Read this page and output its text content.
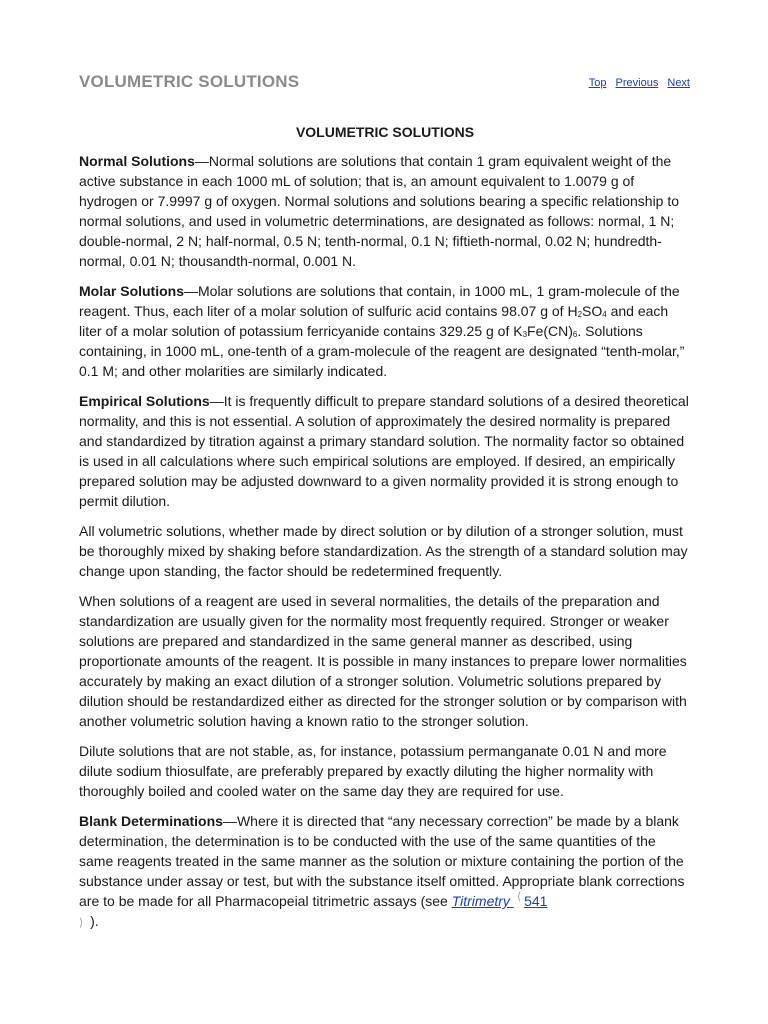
VOLUMETRIC SOLUTIONS	Top Previous Next
VOLUMETRIC SOLUTIONS

Normal Solutions—Normal solutions are solutions that contain 1 gram equivalent weight of the active substance in each 1000 mL of solution; that is, an amount equivalent to 1.0079 g of hydrogen or 7.9997 g of oxygen. Normal solutions and solutions bearing a specific relationship to normal solutions, and used in volumetric determinations, are designated as follows: normal, 1 N; double-normal, 2 N; half-normal, 0.5 N; tenth-normal, 0.1 N; fiftieth-normal, 0.02 N; hundredth-normal, 0.01 N; thousandth-normal, 0.001 N.

Molar Solutions—Molar solutions are solutions that contain, in 1000 mL, 1 gram-molecule of the reagent. Thus, each liter of a molar solution of sulfuric acid contains 98.07 g of $H_2SO_4$ and each liter of a molar solution of potassium ferricyanide contains 329.25 g of $K_3Fe(CN)_6$. Solutions containing, in 1000 mL, one-tenth of a gram-molecule of the reagent are designated “tenth-molar,” 0.1 M; and other molarities are similarly indicated.

Empirical Solutions—It is frequently difficult to prepare standard solutions of a desired theoretical normality, and this is not essential. A solution of approximately the desired normality is prepared and standardized by titration against a primary standard solution. The normality factor so obtained is used in all calculations where such empirical solutions are employed. If desired, an empirically prepared solution may be adjusted downward to a given normality provided it is strong enough to permit dilution.

All volumetric solutions, whether made by direct solution or by dilution of a stronger solution, must be thoroughly mixed by shaking before standardization. As the strength of a standard solution may change upon standing, the factor should be redetermined frequently.

When solutions of a reagent are used in several normalities, the details of the preparation and standardization are usually given for the normality most frequently required. Stronger or weaker solutions are prepared and standardized in the same general manner as described, using proportionate amounts of the reagent. It is possible in many instances to prepare lower normalities accurately by making an exact dilution of a stronger solution. Volumetric solutions prepared by dilution should be restandardized either as directed for the stronger solution or by comparison with another volumetric solution having a known ratio to the stronger solution.

Dilute solutions that are not stable, as, for instance, potassium permanganate 0.01 N and more dilute sodium thiosulfate, are preferably prepared by exactly diluting the higher normality with thoroughly boiled and cooled water on the same day they are required for use.

Blank Determinations—Where it is directed that “any necessary correction” be made by a blank determination, the determination is to be conducted with the use of the same quantities of the same reagents treated in the same manner as the solution or mixture containing the portion of the substance under assay or test, but with the substance itself omitted. Appropriate blank corrections are to be made for all Pharmacopeial titrimetric assays (see Titrimetry ⟨ 541
⟩ ).
